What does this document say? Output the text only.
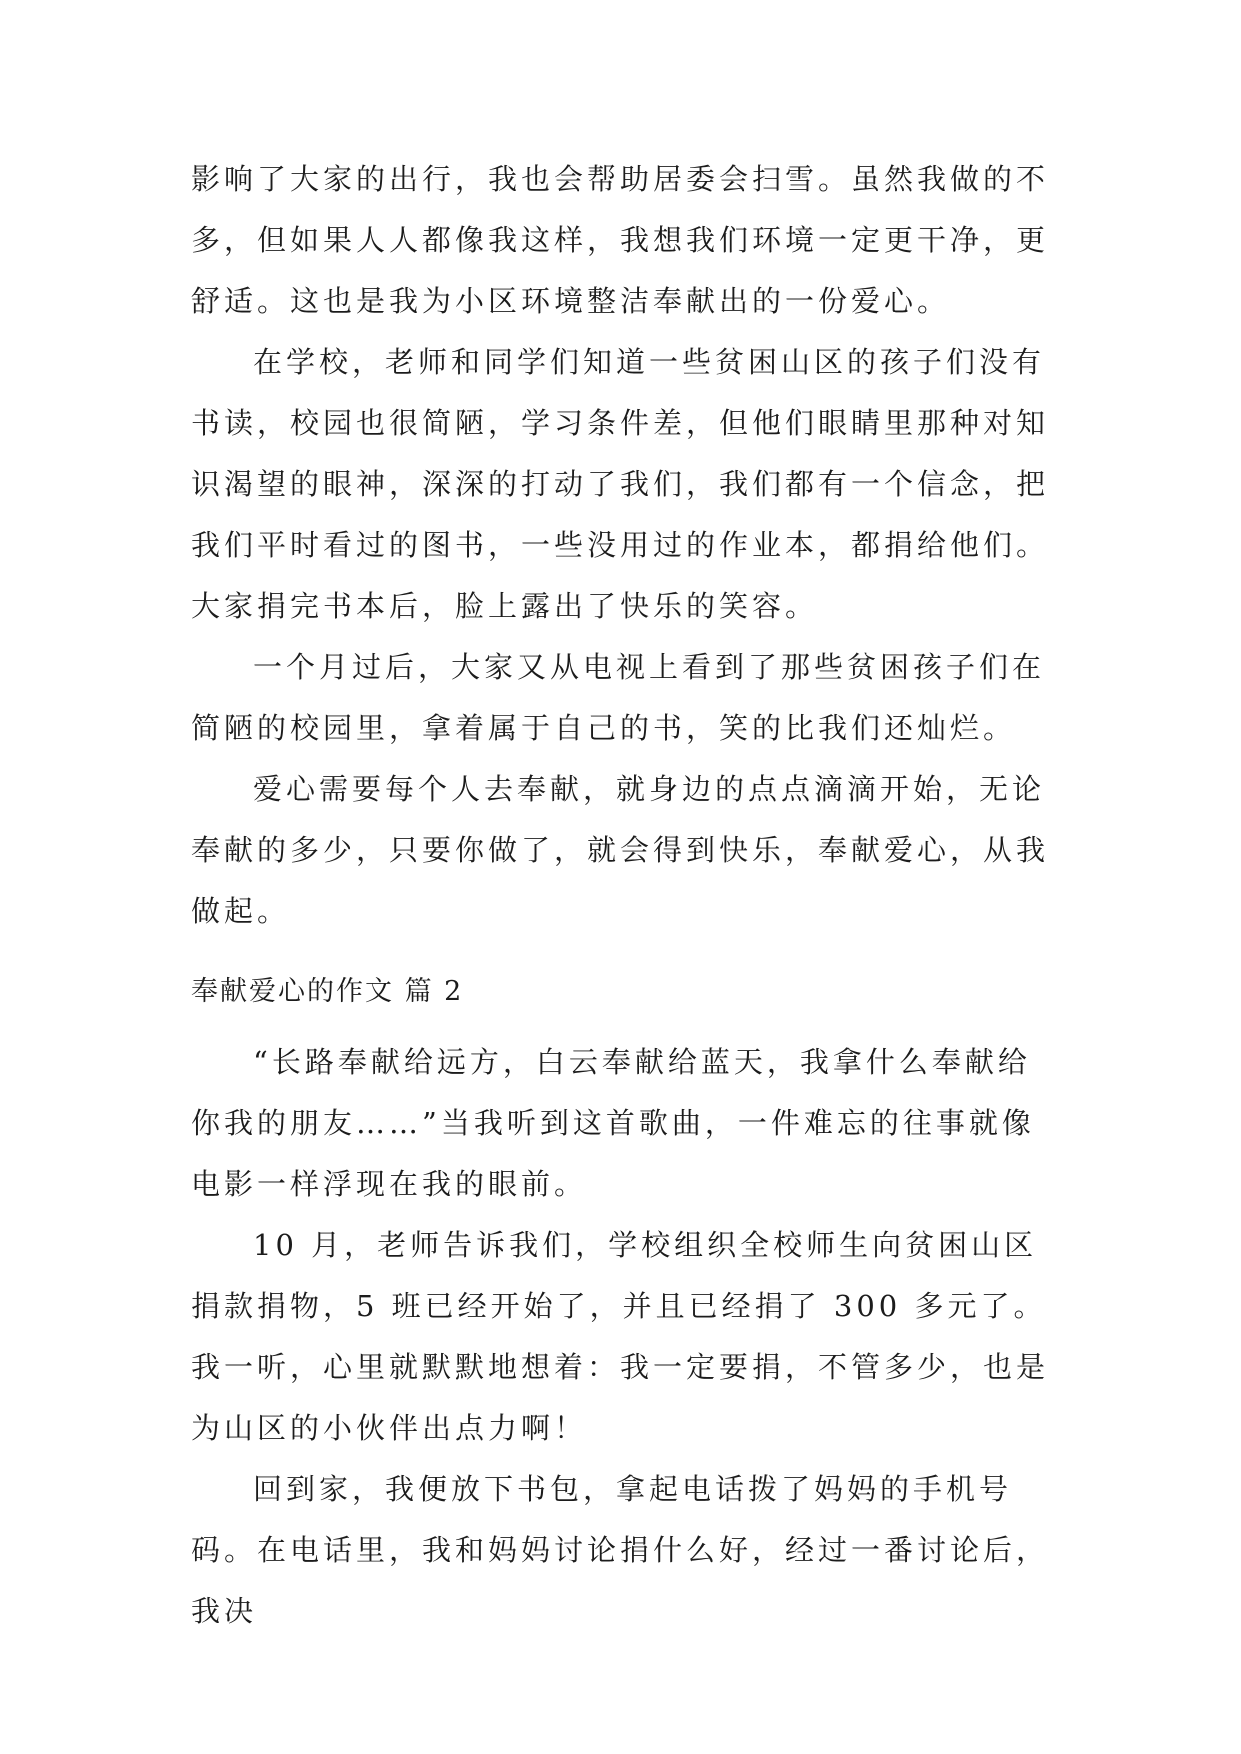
影响了大家的出行，我也会帮助居委会扫雪。虽然我做的不多，但如果人人都像我这样，我想我们环境一定更干净，更舒适。这也是我为小区环境整洁奉献出的一份爱心。

在学校，老师和同学们知道一些贫困山区的孩子们没有书读，校园也很简陋，学习条件差，但他们眼睛里那种对知识渴望的眼神，深深的打动了我们，我们都有一个信念，把我们平时看过的图书，一些没用过的作业本，都捐给他们。大家捐完书本后，脸上露出了快乐的笑容。

一个月过后，大家又从电视上看到了那些贫困孩子们在简陋的校园里，拿着属于自己的书，笑的比我们还灿烂。

爱心需要每个人去奉献，就身边的点点滴滴开始，无论奉献的多少，只要你做了，就会得到快乐，奉献爱心，从我做起。

奉献爱心的作文 篇 2

“长路奉献给远方，白云奉献给蓝天，我拿什么奉献给你我的朋友……”当我听到这首歌曲，一件难忘的往事就像电影一样浮现在我的眼前。

10 月，老师告诉我们，学校组织全校师生向贫困山区捐款捐物，5 班已经开始了，并且已经捐了 300 多元了。我一听，心里就默默地想着：我一定要捐，不管多少，也是为山区的小伙伴出点力啊！

回到家，我便放下书包，拿起电话拨了妈妈的手机号码。在电话里，我和妈妈讨论捐什么好，经过一番讨论后，我决
